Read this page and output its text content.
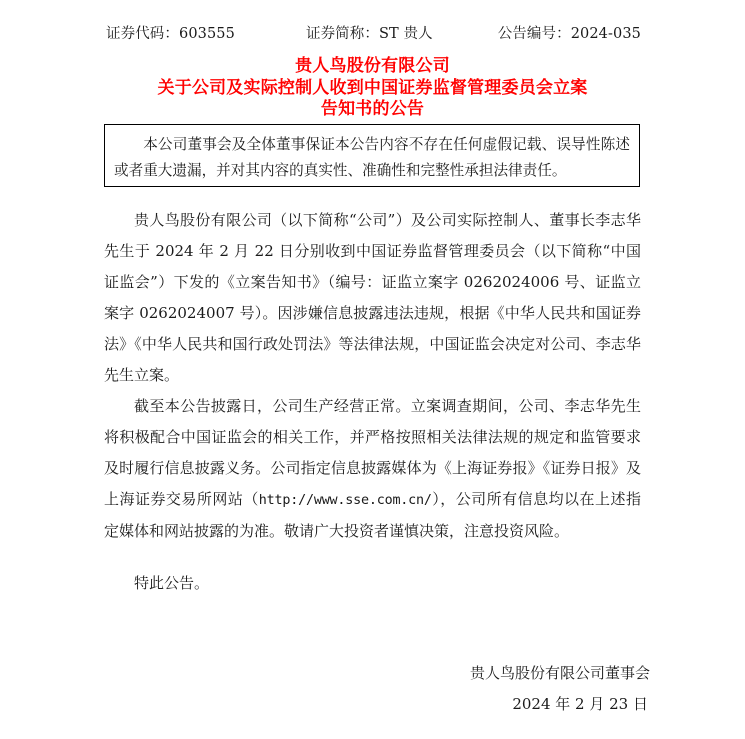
证券代码：603555	证券简称：ST 贵人	公告编号：2024-035
贵人鸟股份有限公司
关于公司及实际控制人收到中国证券监督管理委员会立案
告知书的公告

本公司董事会及全体董事保证本公告内容不存在任何虚假记载、误导性陈述或者重大遗漏，并对其内容的真实性、准确性和完整性承担法律责任。

贵人鸟股份有限公司（以下简称“公司”）及公司实际控制人、董事长李志华先生于 2024 年 2 月 22 日分别收到中国证券监督管理委员会（以下简称“中国证监会”）下发的《立案告知书》（编号：证监立案字 0262024006 号、证监立案字 0262024007 号）。因涉嫌信息披露违法违规，根据《中华人民共和国证券法》《中华人民共和国行政处罚法》等法律法规，中国证监会决定对公司、李志华先生立案。

截至本公告披露日，公司生产经营正常。立案调查期间，公司、李志华先生将积极配合中国证监会的相关工作，并严格按照相关法律法规的规定和监管要求及时履行信息披露义务。公司指定信息披露媒体为《上海证券报》《证券日报》及上海证券交易所网站（http://www.sse.com.cn/），公司所有信息均以在上述指定媒体和网站披露的为准。敬请广大投资者谨慎决策，注意投资风险。

特此公告。
贵人鸟股份有限公司董事会
2024 年 2 月 23 日
